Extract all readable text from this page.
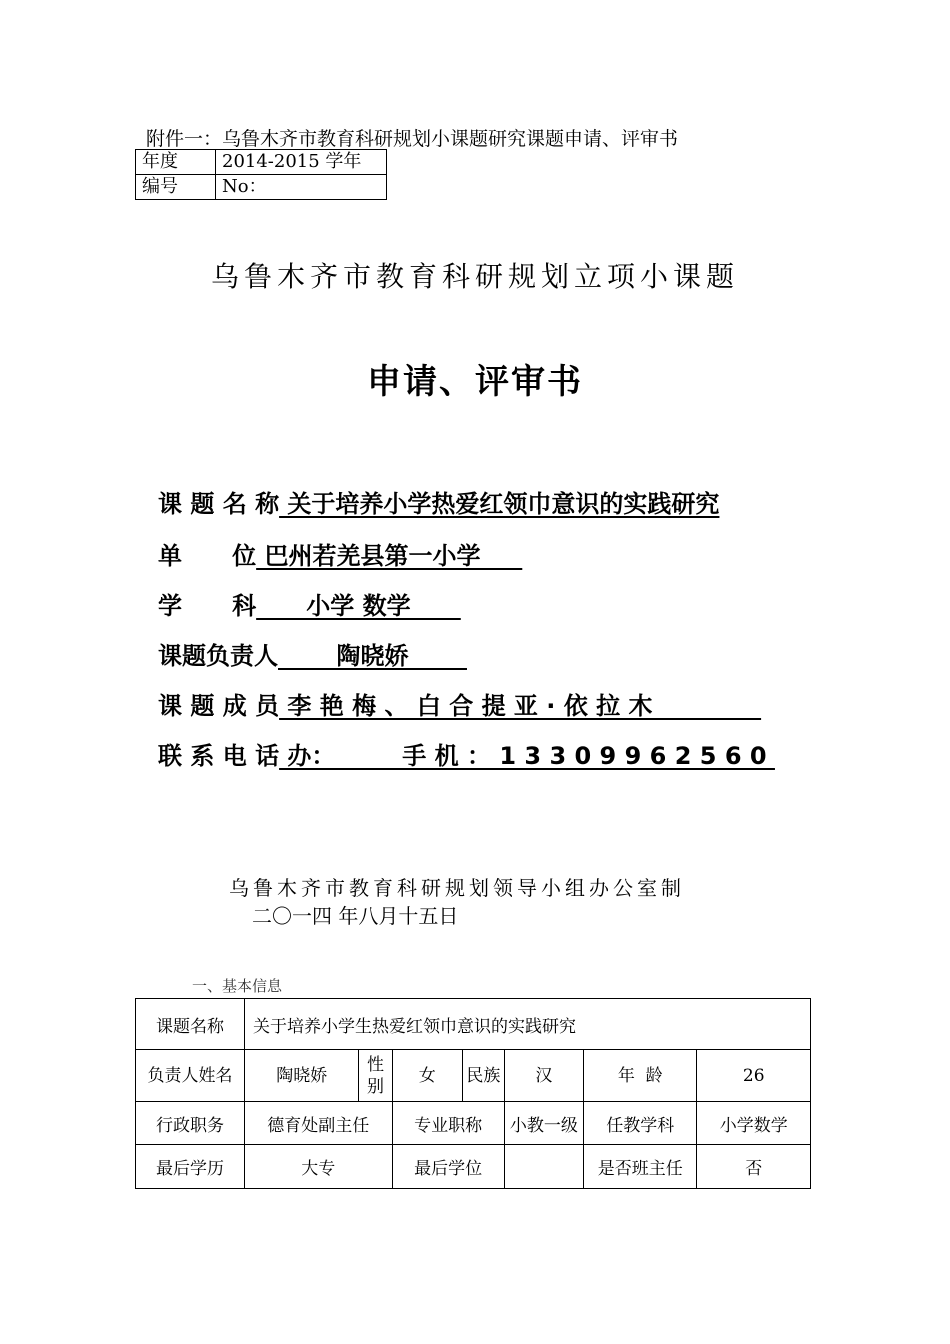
附件一：乌鲁木齐市教育科研规划小课题研究课题申请、评审书
年度	2014-2015 学年
编号	No：
乌鲁木齐市教育科研规划立项小课题
申请、评审书
课 题 名 称 关于培养小学热爱红领巾意识的实践研究
单      位 巴州若羌县第一小学
学      科      小学 数学
课题负责人       陶晓娇
课 题 成 员 李 艳 梅 、 白 合 提 亚 · 依 拉 木
联 系 电 话 办：        手 机 ： 1 3 3 0 9 9 6 2 5 6 0
乌鲁木齐市教育科研规划领导小组办公室制
二〇一四 年八月十五日
一、基本信息
课题名称	关于培养小学生热爱红领巾意识的实践研究						
负责人姓名	陶晓娇	性别	女	民族	汉	年  龄	26
行政职务	德育处副主任		专业职称		小教一级	任教学科	小学数学
最后学历	大专		最后学位			是否班主任	否
